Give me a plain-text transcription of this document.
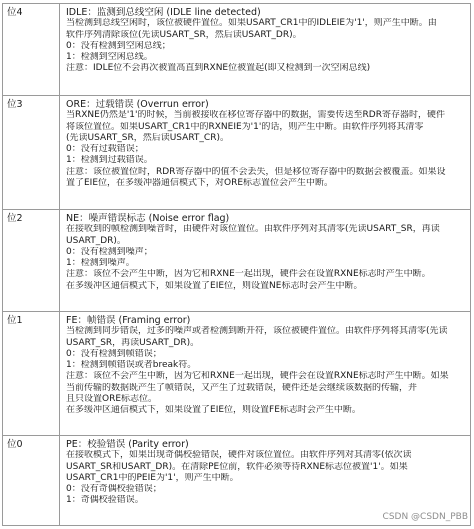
位4	IDLE：监测到总线空闲 (IDLE line detected)
当检测到总线空闲时，该位被硬件置位。如果USART_CR1中的IDLEIE为'1'，则产生中断。由
软件序列清除该位(先读USART_SR，然后读USART_DR)。
0：没有检测到空闲总线；
1：检测到空闲总线。
注意：IDLE位不会再次被置高直到RXNE位被置起(即又检测到一次空闲总线)
位3	ORE：过载错误 (Overrun error)
当RXNE仍然是'1'的时候，当前被接收在移位寄存器中的数据，需要传送至RDR寄存器时，硬件
将该位置位。如果USART_CR1中的RXNEIE为'1'的话，则产生中断。由软件序列将其清零
(先读USART_SR，然后读USART_CR)。
0：没有过载错误；
1：检测到过载错误。
注意：该位被置位时，RDR寄存器中的值不会丢失，但是移位寄存器中的数据会被覆盖。如果设
置了EIE位，在多缓冲器通信模式下，对ORE标志置位会产生中断。
位2	NE：噪声错误标志 (Noise error flag)
在接收到的帧检测到噪音时，由硬件对该位置位。由软件序列对其清零(先读USART_SR，再读
USART_DR)。
0：没有检测到噪声；
1：检测到噪声。
注意：该位不会产生中断，因为它和RXNE一起出现，硬件会在设置RXNE标志时产生中断。
在多缓冲区通信模式下，如果设置了EIE位，则设置NE标志时会产生中断。
位1	FE：帧错误 (Framing error)
当检测到同步错误，过多的噪声或者检测到断开符，该位被硬件置位。由软件序列将其清零(先读
USART_SR，再读USART_DR)。
0：没有检测到帧错误；
1：检测到帧错误或者break符。
注意：该位不会产生中断，因为它和RXNE一起出现，硬件会在设置RXNE标志时产生中断。如果
当前传输的数据既产生了帧错误，又产生了过载错误，硬件还是会继续该数据的传输，并
且只设置ORE标志位。
在多缓冲区通信模式下，如果设置了EIE位，则设置FE标志时会产生中断。
位0	PE：校验错误 (Parity error)
在接收模式下，如果出现奇偶校验错误，硬件对该位置位。由软件序列对其清零(依次读
USART_SR和USART_DR)。在清除PE位前，软件必须等待RXNE标志位被置'1'。如果
USART_CR1中的PEIE为'1'，则产生中断。
0：没有奇偶校验错误；
1：奇偶校验错误。
CSDN @CSDN_PBB
